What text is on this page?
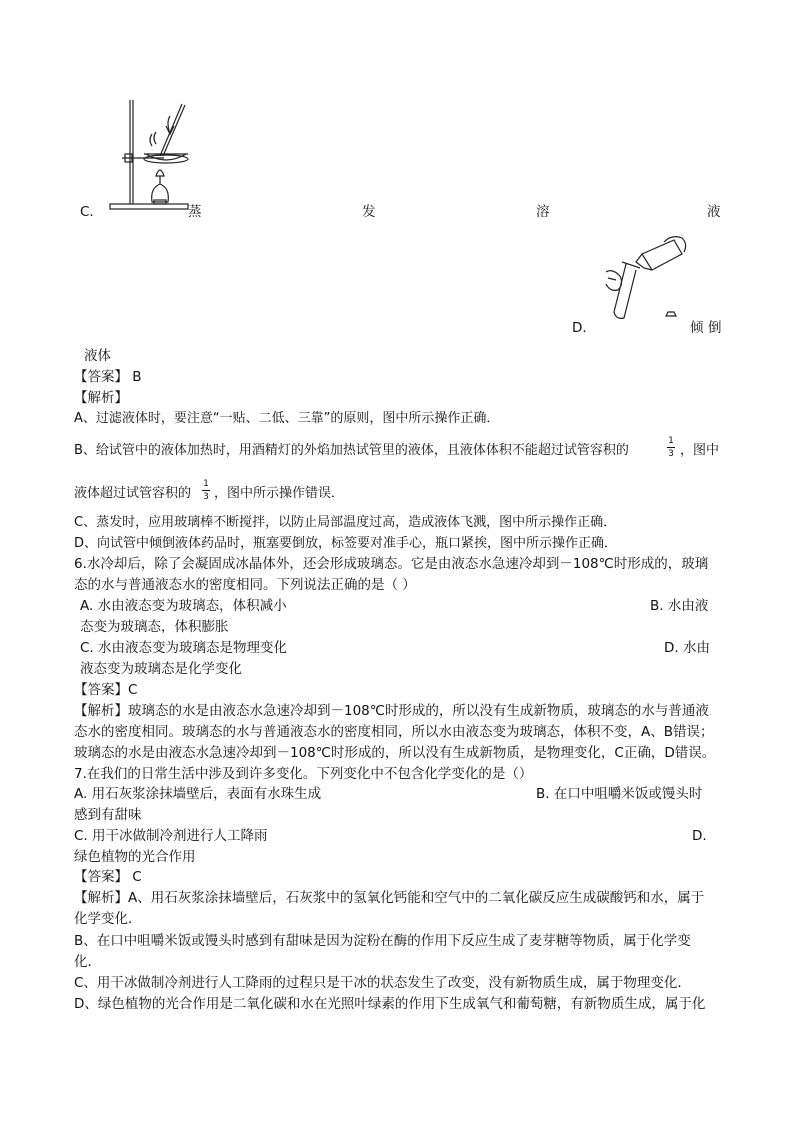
C.	蒸	发	溶	液
D.	倾 倒
液体
【答案】 B
【解析】
A、过滤液体时，要注意“一贴、二低、三靠”的原则，图中所示操作正确．
B、给试管中的液体加热时，用酒精灯的外焰加热试管里的液体，且液体体积不能超过试管容积的
1
3 ，图中
液体超过试管容积的
1
3 ，图中所示操作错误．
C、蒸发时，应用玻璃棒不断搅拌，以防止局部温度过高，造成液体飞溅，图中所示操作正确．
D、向试管中倾倒液体药品时，瓶塞要倒放，标签要对准手心，瓶口紧挨，图中所示操作正确．
6.水冷却后，除了会凝固成冰晶体外，还会形成玻璃态。它是由液态水急速冷却到－108℃时形成的，玻璃
态的水与普通液态水的密度相同。下列说法正确的是（ ）
A. 水由液态变为玻璃态，体积减小	B. 水由液
态变为玻璃态，体积膨胀
C. 水由液态变为玻璃态是物理变化	D. 水由
液态变为玻璃态是化学变化
【答案】C
【解析】玻璃态的水是由液态水急速冷却到－108℃时形成的，所以没有生成新物质，玻璃态的水与普通液
态水的密度相同。玻璃态的水与普通液态水的密度相同，所以水由液态变为玻璃态，体积不变，A、B错误；
玻璃态的水是由液态水急速冷却到－108℃时形成的，所以没有生成新物质，是物理变化，C正确，D错误。
7.在我们的日常生活中涉及到许多变化。下列变化中不包含化学变化的是（）
A. 用石灰浆涂抹墙壁后，表面有水珠生成	B. 在口中咀嚼米饭或馒头时
感到有甜味
C. 用干冰做制冷剂进行人工降雨	D.
绿色植物的光合作用
【答案】 C
【解析】A、用石灰浆涂抹墙壁后，石灰浆中的氢氧化钙能和空气中的二氧化碳反应生成碳酸钙和水，属于
化学变化．
B、在口中咀嚼米饭或馒头时感到有甜味是因为淀粉在酶的作用下反应生成了麦芽糖等物质，属于化学变
化．
C、用干冰做制冷剂进行人工降雨的过程只是干冰的状态发生了改变，没有新物质生成，属于物理变化．
D、绿色植物的光合作用是二氧化碳和水在光照叶绿素的作用下生成氧气和葡萄糖，有新物质生成，属于化
